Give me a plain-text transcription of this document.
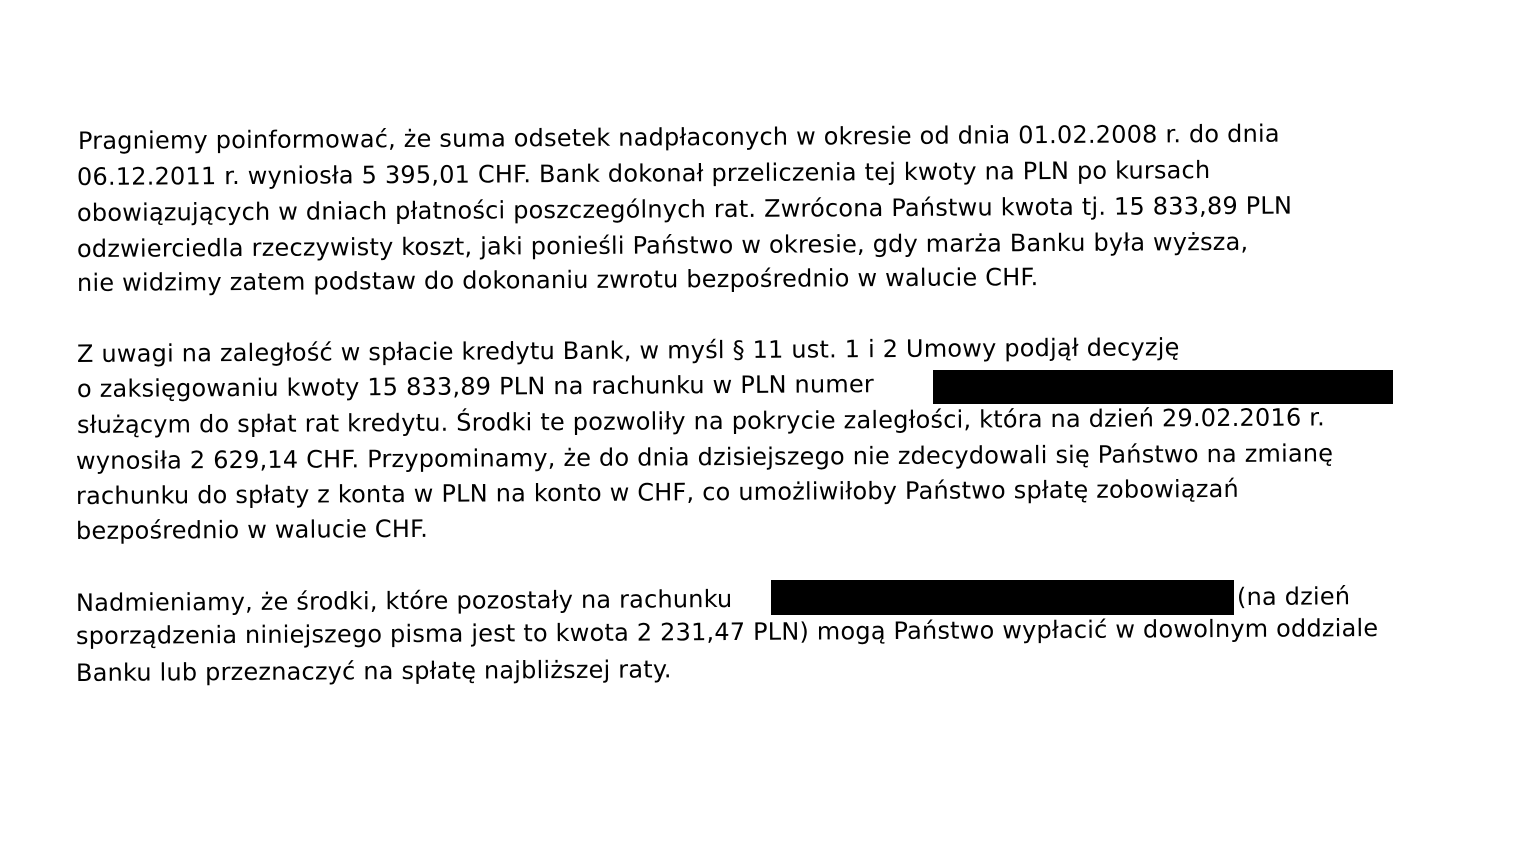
Pragniemy poinformować, że suma odsetek nadpłaconych w okresie od dnia 01.02.2008 r. do dnia
06.12.2011 r. wyniosła 5 395,01 CHF. Bank dokonał przeliczenia tej kwoty na PLN po kursach
obowiązujących w dniach płatności poszczególnych rat. Zwrócona Państwu kwota tj. 15 833,89 PLN
odzwierciedla rzeczywisty koszt, jaki ponieśli Państwo w okresie, gdy marża Banku była wyższa,
nie widzimy zatem podstaw do dokonaniu zwrotu bezpośrednio w walucie CHF.
Z uwagi na zaległość w spłacie kredytu Bank, w myśl § 11 ust. 1 i 2 Umowy podjął decyzję
o zaksięgowaniu kwoty 15 833,89 PLN na rachunku w PLN numer
służącym do spłat rat kredytu. Środki te pozwoliły na pokrycie zaległości, która na dzień 29.02.2016 r.
wynosiła 2 629,14 CHF. Przypominamy, że do dnia dzisiejszego nie zdecydowali się Państwo na zmianę
rachunku do spłaty z konta w PLN na konto w CHF, co umożliwiłoby Państwo spłatę zobowiązań
bezpośrednio w walucie CHF.
Nadmieniamy, że środki, które pozostały na rachunku	(na dzień
sporządzenia niniejszego pisma jest to kwota 2 231,47 PLN) mogą Państwo wypłacić w dowolnym oddziale
Banku lub przeznaczyć na spłatę najbliższej raty.
